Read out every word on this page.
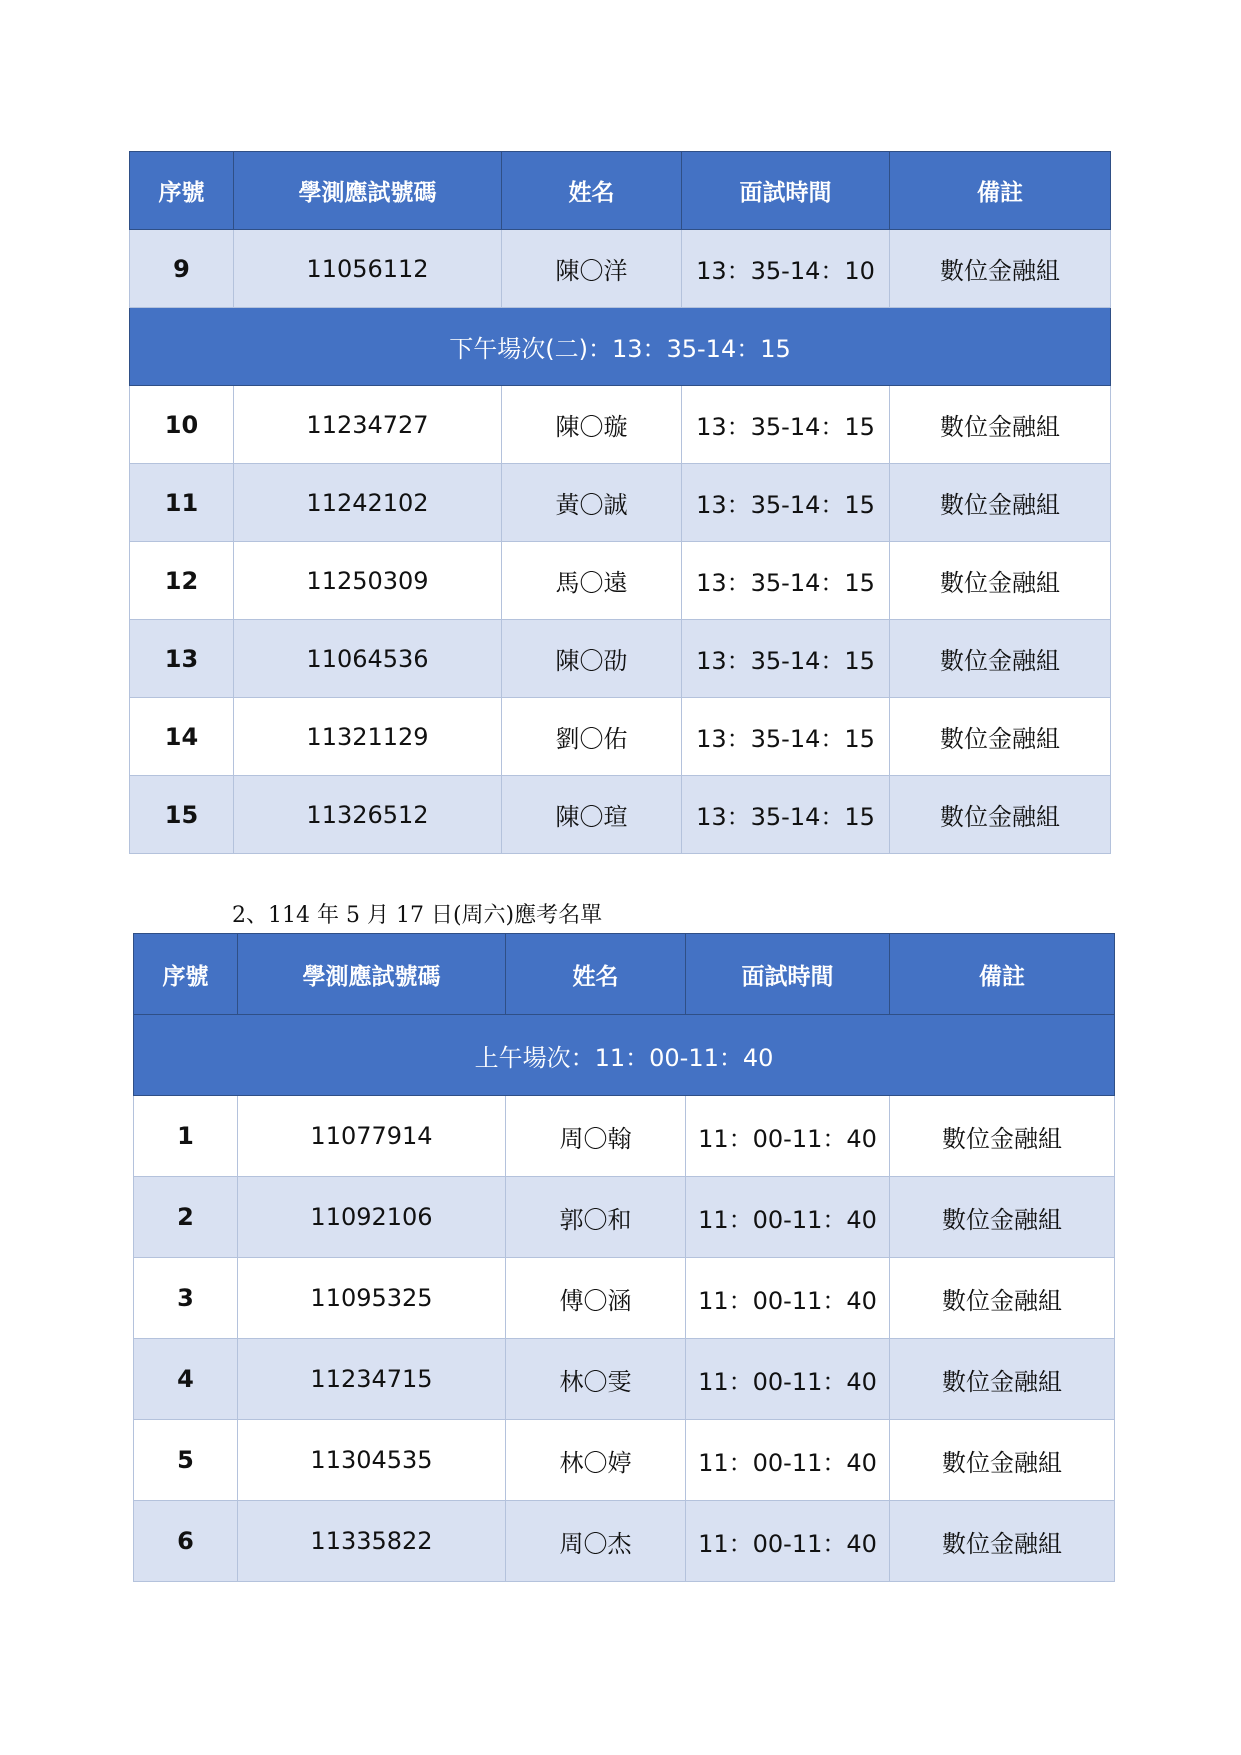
序號	學測應試號碼	姓名	面試時間	備註
9	11056112	陳〇洋	13：35-14：10	數位金融組
下午場次(二)：13：35-14：15				
10	11234727	陳〇璇	13：35-14：15	數位金融組
11	11242102	黃〇誠	13：35-14：15	數位金融組
12	11250309	馬〇遠	13：35-14：15	數位金融組
13	11064536	陳〇劭	13：35-14：15	數位金融組
14	11321129	劉〇佑	13：35-14：15	數位金融組
15	11326512	陳〇瑄	13：35-14：15	數位金融組
2、114 年 5 月 17 日(周六)應考名單
序號	學測應試號碼	姓名	面試時間	備註
上午場次：11：00-11：40				
1	11077914	周〇翰	11：00-11：40	數位金融組
2	11092106	郭〇和	11：00-11：40	數位金融組
3	11095325	傅〇涵	11：00-11：40	數位金融組
4	11234715	林〇雯	11：00-11：40	數位金融組
5	11304535	林〇婷	11：00-11：40	數位金融組
6	11335822	周〇杰	11：00-11：40	數位金融組
